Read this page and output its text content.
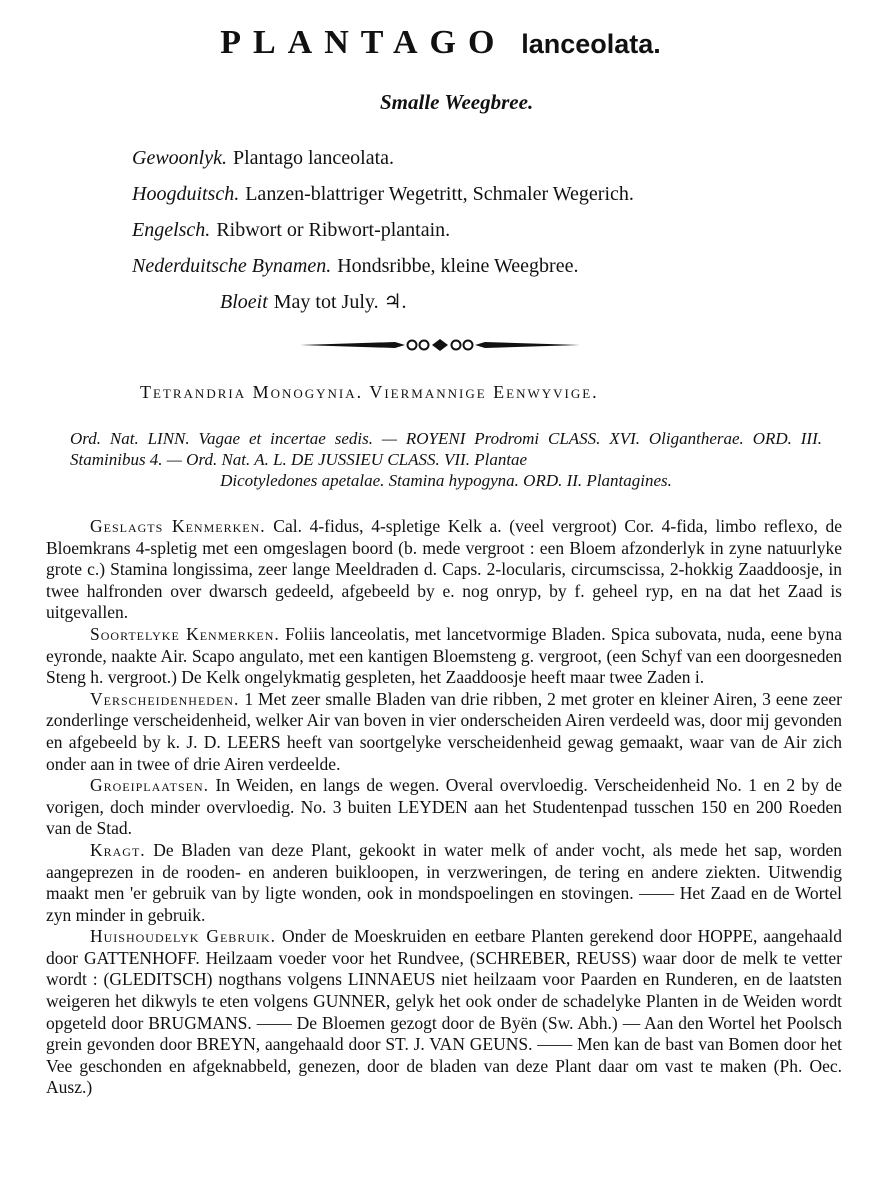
PLANTAGO lanceolata.
Smalle Weegbree.
Gewoonlyk. Plantago lanceolata.
Hoogduitsch. Lanzen-blattriger Wegetritt, Schmaler Wegerich.
Engelsch. Ribwort or Ribwort-plantain.
Nederduitsche Bynamen. Hondsribbe, kleine Weegbree.
Bloeit May tot July. ♃.
Tetrandria Monogynia. Viermannige Eenwyvige.
Ord. Nat. LINN. Vagae et incertae sedis. — ROYENI Prodromi CLASS. XVI. Oligantherae. ORD. III. Staminibus 4. — Ord. Nat. A. L. DE JUSSIEU CLASS. VII. Plantae
Dicotyledones apetalae. Stamina hypogyna. ORD. II. Plantagines.

Geslagts Kenmerken. Cal. 4-fidus, 4-spletige Kelk a. (veel vergroot) Cor. 4-fida, limbo reflexo, de Bloemkrans 4-spletig met een omgeslagen boord (b. mede vergroot : een Bloem afzonderlyk in zyne natuurlyke grote c.) Stamina longissima, zeer lange Meeldraden d. Caps. 2-locularis, circumscissa, 2-hokkig Zaaddoosje, in twee halfronden over dwarsch gedeeld, afgebeeld by e. nog onryp, by f. geheel ryp, en na dat het Zaad is uitgevallen.

Soortelyke Kenmerken. Foliis lanceolatis, met lancetvormige Bladen. Spica subovata, nuda, eene byna eyronde, naakte Air. Scapo angulato, met een kantigen Bloemsteng g. vergroot, (een Schyf van een doorgesneden Steng h. vergroot.) De Kelk ongelykmatig gespleten, het Zaaddoosje heeft maar twee Zaden i.

Verscheidenheden. 1 Met zeer smalle Bladen van drie ribben, 2 met groter en kleiner Airen, 3 eene zeer zonderlinge verscheidenheid, welker Air van boven in vier onderscheiden Airen verdeeld was, door mij gevonden en afgebeeld by k. J. D. LEERS heeft van soortgelyke verscheidenheid gewag gemaakt, waar van de Air zich onder aan in twee of drie Airen verdeelde.

Groeiplaatsen. In Weiden, en langs de wegen. Overal overvloedig. Verscheidenheid No. 1 en 2 by de vorigen, doch minder overvloedig. No. 3 buiten LEYDEN aan het Studentenpad tusschen 150 en 200 Roeden van de Stad.

Kragt. De Bladen van deze Plant, gekookt in water melk of ander vocht, als mede het sap, worden aangeprezen in de rooden- en anderen buikloopen, in verzweringen, de tering en andere ziekten. Uitwendig maakt men 'er gebruik van by ligte wonden, ook in mondspoelingen en stovingen. —— Het Zaad en de Wortel zyn minder in gebruik.

Huishoudelyk Gebruik. Onder de Moeskruiden en eetbare Planten gerekend door HOPPE, aangehaald door GATTENHOFF. Heilzaam voeder voor het Rundvee, (SCHREBER, REUSS) waar door de melk te vetter wordt : (GLEDITSCH) nogthans volgens LINNAEUS niet heilzaam voor Paarden en Runderen, en de laatsten weigeren het dikwyls te eten volgens GUNNER, gelyk het ook onder de schadelyke Planten in de Weiden wordt opgeteld door BRUGMANS. —— De Bloemen gezogt door de Byën (Sw. Abh.) — Aan den Wortel het Poolsch grein gevonden door BREYN, aangehaald door ST. J. VAN GEUNS. —— Men kan de bast van Bomen door het Vee geschonden en afgeknabbeld, genezen, door de bladen van deze Plant daar om vast te maken (Ph. Oec. Ausz.)
